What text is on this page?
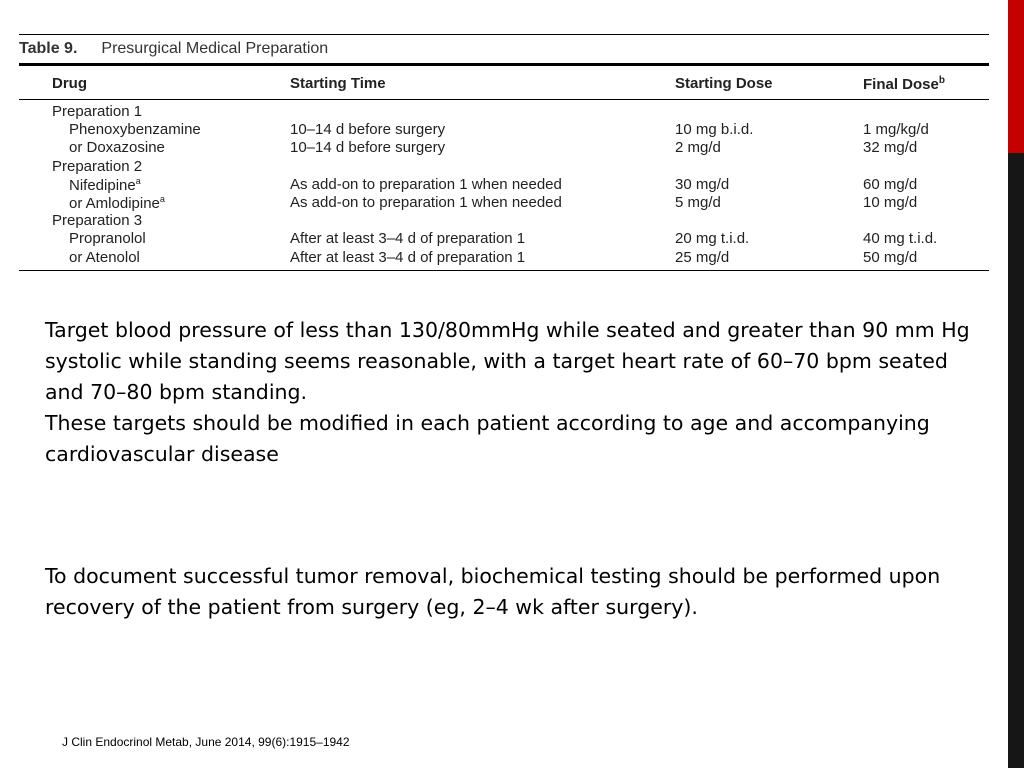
Table 9. Presurgical Medical Preparation
Drug	Starting Time	Starting Dose	Final Dose$^b$
Preparation 1
Phenoxybenzamine	10–14 d before surgery	10 mg b.i.d.	1 mg/kg/d
or Doxazosine	10–14 d before surgery	2 mg/d	32 mg/d
Preparation 2
Nifedipine$^a$	As add-on to preparation 1 when needed	30 mg/d	60 mg/d
or Amlodipine$^a$	As add-on to preparation 1 when needed	5 mg/d	10 mg/d
Preparation 3
Propranolol	After at least 3–4 d of preparation 1	20 mg t.i.d.	40 mg t.i.d.
or Atenolol	After at least 3–4 d of preparation 1	25 mg/d	50 mg/d
Target blood pressure of less than 130/80mmHg while seated and greater than 90 mm Hg systolic while standing seems reasonable, with a target heart rate of 60–70 bpm seated and 70–80 bpm standing.
These targets should be modified in each patient according to age and accompanying cardiovascular disease
To document successful tumor removal, biochemical testing should be performed upon recovery of the patient from surgery (eg, 2–4 wk after surgery).
J Clin Endocrinol Metab, June 2014, 99(6):1915–1942
